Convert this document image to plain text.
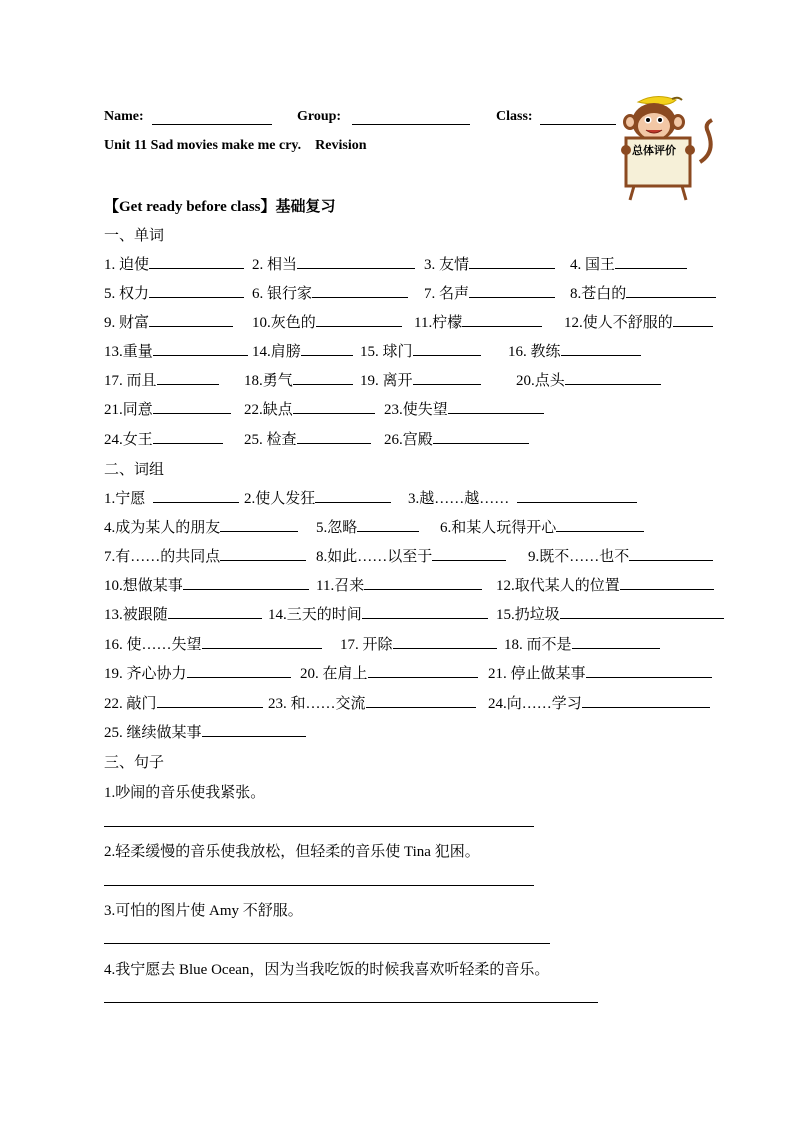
Name:	Group:	Class:
Unit 11 Sad movies make me cry. Revision	总体评价
【Get ready before class】基础复习
一、单词
1. 迫使	2. 相当	3. 友情	4. 国王
5. 权力	6. 银行家	7. 名声	8.苍白的
9. 财富	10.灰色的	11.柠檬	12.使人不舒服的
13.重量	14.肩膀	15. 球门	16. 教练
17. 而且	18.勇气	19. 离开	20.点头
21.同意	22.缺点	23.使失望
24.女王	25. 检查	26.宫殿
二、词组
1.宁愿	2.使人发狂	3.越……越……
4.成为某人的朋友	5.忽略	6.和某人玩得开心
7.有……的共同点	8.如此……以至于	9.既不……也不
10.想做某事	11.召来	12.取代某人的位置
13.被跟随	14.三天的时间	15.扔垃圾
16. 使……失望	17. 开除	18. 而不是
19. 齐心协力	20. 在肩上	21. 停止做某事
22. 敲门	23. 和……交流	24.向……学习
25. 继续做某事
三、句子
1.吵闹的音乐使我紧张。
2.轻柔缓慢的音乐使我放松，但轻柔的音乐使 Tina 犯困。
3.可怕的图片使 Amy 不舒服。
4.我宁愿去 Blue Ocean，因为当我吃饭的时候我喜欢听轻柔的音乐。
